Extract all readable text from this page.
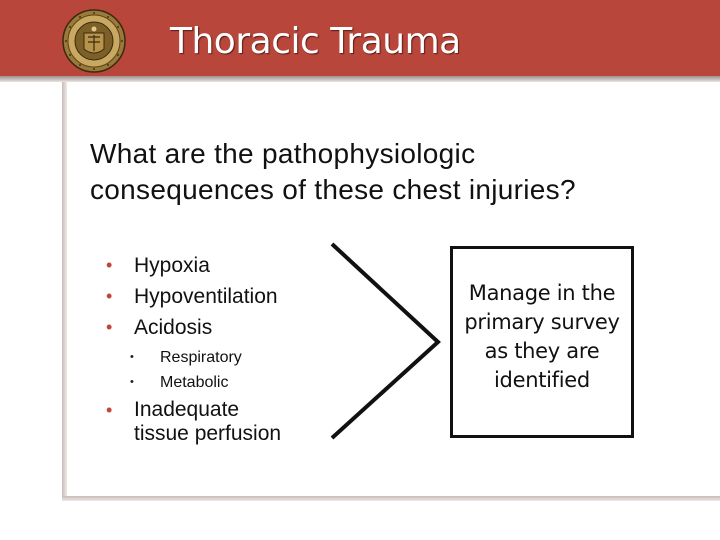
Thoracic Trauma
What are the pathophysiologic
consequences of these chest injuries?
• Hypoxia
• Hypoventilation
• Acidosis
• Respiratory
• Metabolic
• Inadequate
tissue perfusion
Manage in the
primary survey
as they are
identified
